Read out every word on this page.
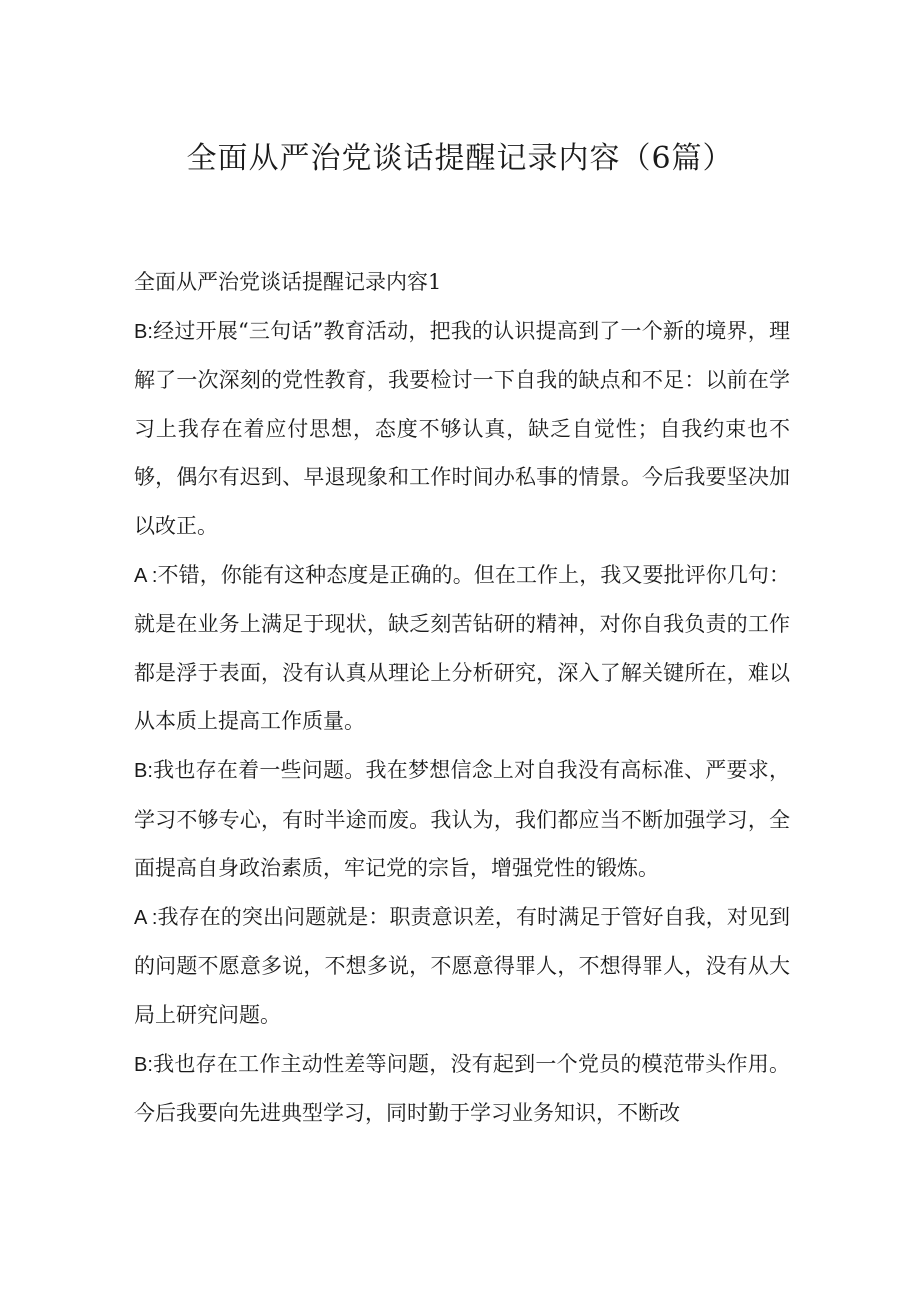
全面从严治党谈话提醒记录内容（6篇）
全面从严治党谈话提醒记录内容1

B:经过开展“三句话”教育活动，把我的认识提高到了一个新的境界，理解了一次深刻的党性教育，我要检讨一下自我的缺点和不足：以前在学习上我存在着应付思想，态度不够认真，缺乏自觉性；自我约束也不够，偶尔有迟到、早退现象和工作时间办私事的情景。今后我要坚决加以改正。

A :不错，你能有这种态度是正确的。但在工作上，我又要批评你几句：就是在业务上满足于现状，缺乏刻苦钻研的精神，对你自我负责的工作都是浮于表面，没有认真从理论上分析研究，深入了解关键所在，难以从本质上提高工作质量。

B:我也存在着一些问题。我在梦想信念上对自我没有高标准、严要求，学习不够专心，有时半途而废。我认为，我们都应当不断加强学习，全面提高自身政治素质，牢记党的宗旨，增强党性的锻炼。

A :我存在的突出问题就是：职责意识差，有时满足于管好自我，对见到的问题不愿意多说，不想多说，不愿意得罪人，不想得罪人，没有从大局上研究问题。

B:我也存在工作主动性差等问题，没有起到一个党员的模范带头作用。今后我要向先进典型学习，同时勤于学习业务知识，不断改
